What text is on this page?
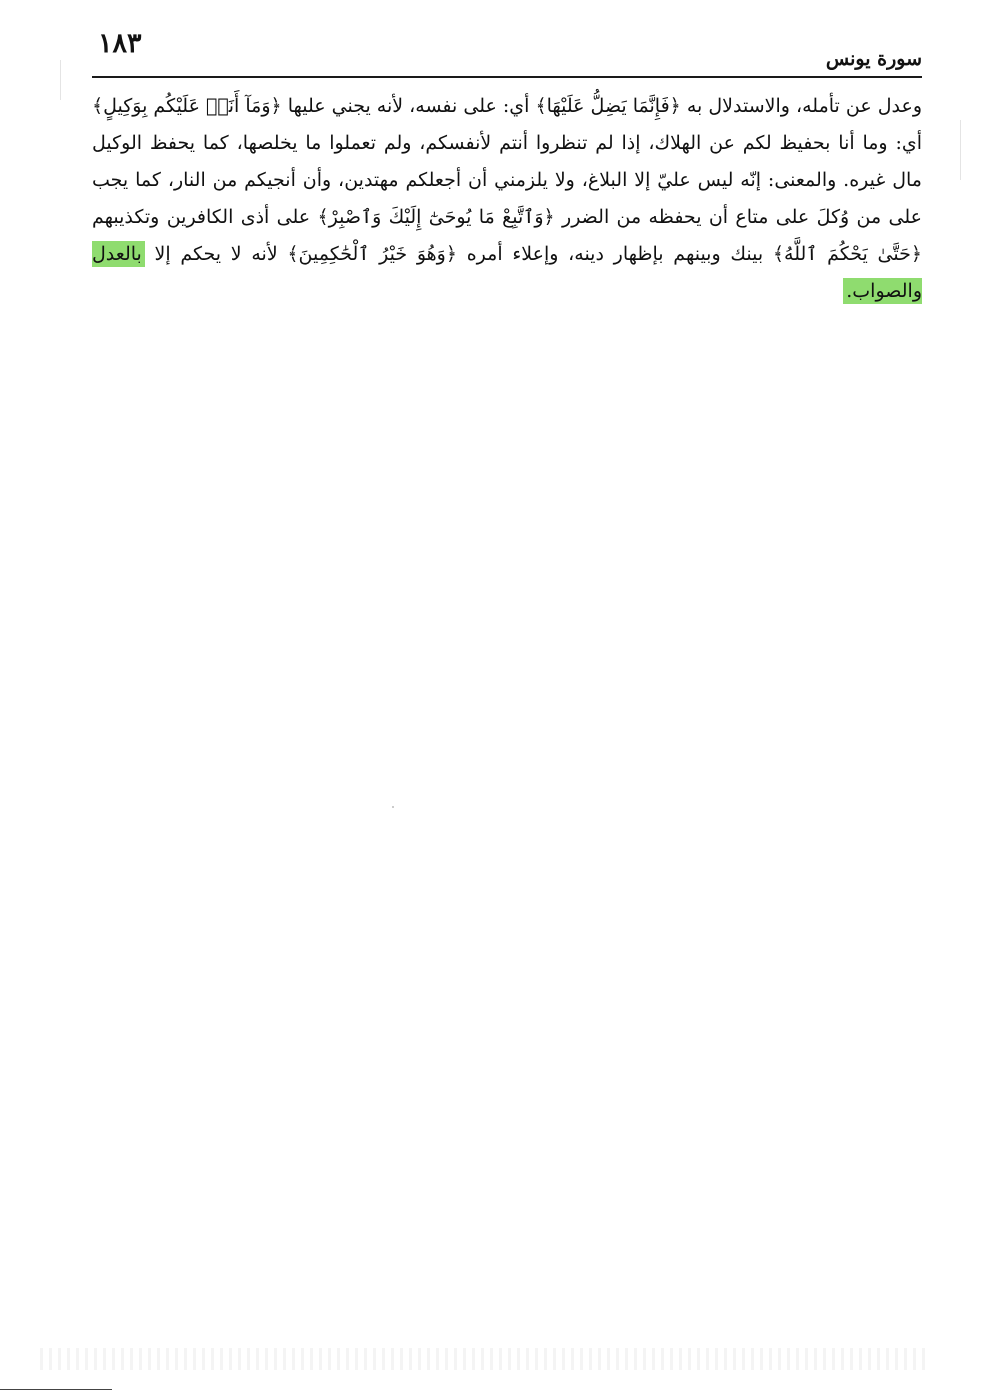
١٨٣	سورة يونس
وعدل عن تأمله، والاستدلال به ﴿فَإِنَّمَا يَضِلُّ عَلَيْهَا﴾ أي: على نفسه، لأنه يجني عليها ﴿وَمَآ أَنَا۠ عَلَيْكُم بِوَكِيلٍ﴾ أي: وما أنا بحفيظ لكم عن الهلاك، إذا لم تنظروا أنتم لأنفسكم، ولم تعملوا ما يخلصها، كما يحفظ الوكيل مال غيره. والمعنى: إنّه ليس عليّ إلا البلاغ، ولا يلزمني أن أجعلكم مهتدين، وأن أنجيكم من النار، كما يجب على من وُكلَ على متاع أن يحفظه من الضرر ﴿وَٱتَّبِعْ مَا يُوحَىٰٓ إِلَيْكَ وَٱصْبِرْ﴾ على أذى الكافرين وتكذيبهم ﴿حَتَّىٰ يَحْكُمَ ٱللَّهُ﴾ بينك وبينهم بإظهار دينه، وإعلاء أمره ﴿وَهُوَ خَيْرُ ٱلْحَٰكِمِينَ﴾ لأنه لا يحكم إلا بالعدل والصواب.
